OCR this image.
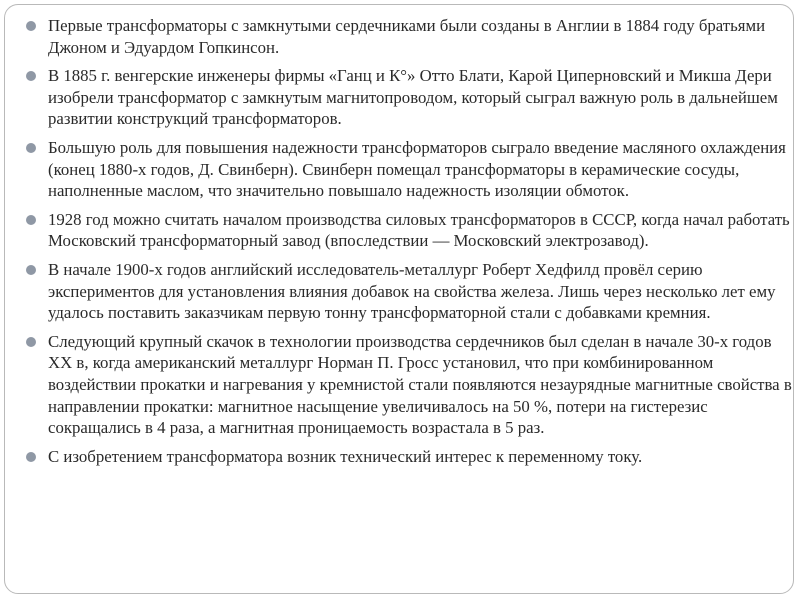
Первые трансформаторы с замкнутыми сердечниками были созданы в Англии в 1884 году братьями Джоном и Эдуардом Гопкинсон.
В 1885 г. венгерские инженеры фирмы «Ганц и К°» Отто Блати, Карой Циперновский и Микша Дери изобрели трансформатор с замкнутым магнитопроводом, который сыграл важную роль в дальнейшем развитии конструкций трансформаторов.
Большую роль для повышения надежности трансформаторов сыграло введение масляного охлаждения (конец 1880-х годов, Д. Свинберн). Свинберн помещал трансформаторы в керамические сосуды, наполненные маслом, что значительно повышало надежность изоляции обмоток.
1928 год можно считать началом производства силовых трансформаторов в СССР, когда начал работать Московский трансформаторный завод (впоследствии — Московский электрозавод).
В начале 1900-х годов английский исследователь-металлург Роберт Хедфилд провёл серию экспериментов для установления влияния добавок на свойства железа. Лишь через несколько лет ему удалось поставить заказчикам первую тонну трансформаторной стали с добавками кремния.
Следующий крупный скачок в технологии производства сердечников был сделан в начале 30-х годов XX в, когда американский металлург Норман П. Гросс установил, что при комбинированном воздействии прокатки и нагревания у кремнистой стали появляются незаурядные магнитные свойства в направлении прокатки: магнитное насыщение увеличивалось на 50 %, потери на гистерезис сокращались в 4 раза, а магнитная проницаемость возрастала в 5 раз.
С изобретением трансформатора возник технический интерес к переменному току.
